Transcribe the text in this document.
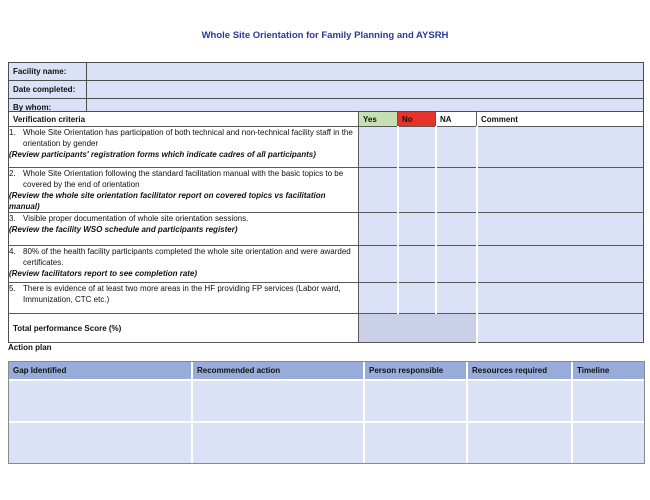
Whole Site Orientation for Family Planning and AYSRH
Facility name:	
Date completed:	
By whom:	
Verification criteria	Yes	No	NA	Comment

1. Whole Site Orientation has participation of both technical and non-technical facility staff in the orientation by gender
(Review participants' registration forms which indicate cadres of all participants)				

2. Whole Site Orientation following the standard facilitation manual with the basic topics to be covered by the end of orientation
(Review the whole site orientation facilitator report on covered topics vs facilitation manual)				

3. Visible proper documentation of whole site orientation sessions.
(Review the facility WSO schedule and participants register)				

4. 80% of the health facility participants completed the whole site orientation and were awarded certificates.
(Review facilitators report to see completion rate)				

5. There is evidence of at least two more areas in the HF providing FP services (Labor ward, Immunization, CTC etc.)				

Total performance Score (%)				
Action plan
Gap Identified	Recommended action	Person responsible	Resources required	Timeline
